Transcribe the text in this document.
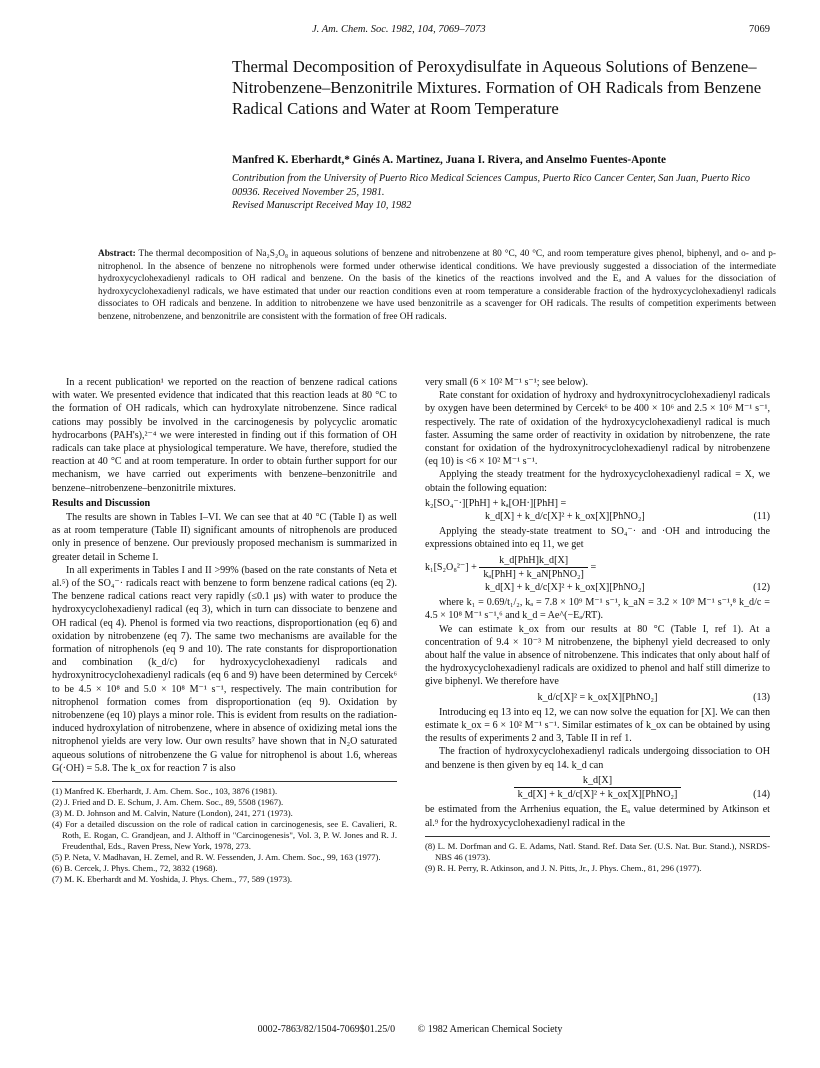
J. Am. Chem. Soc. 1982, 104, 7069–7073	7069
Thermal Decomposition of Peroxydisulfate in Aqueous Solutions of Benzene–Nitrobenzene–Benzonitrile Mixtures. Formation of OH Radicals from Benzene Radical Cations and Water at Room Temperature
Manfred K. Eberhardt,* Ginés A. Martinez, Juana I. Rivera, and Anselmo Fuentes-Aponte
Contribution from the University of Puerto Rico Medical Sciences Campus, Puerto Rico Cancer Center, San Juan, Puerto Rico 00936. Received November 25, 1981.
Revised Manuscript Received May 10, 1982
Abstract: The thermal decomposition of Na₂S₂O₈ in aqueous solutions of benzene and nitrobenzene at 80 °C, 40 °C, and room temperature gives phenol, biphenyl, and o- and p-nitrophenol. In the absence of benzene no nitrophenols were formed under otherwise identical conditions. We have previously suggested a dissociation of the intermediate hydroxycyclohexadienyl radicals to OH radical and benzene. On the basis of the kinetics of the reactions involved and the Eₐ and A values for the dissociation of hydroxycyclohexadienyl radicals, we have estimated that under our reaction conditions even at room temperature a considerable fraction of the hydroxycyclohexadienyl radicals dissociates to OH radicals and benzene. In addition to nitrobenzene we have used benzonitrile as a scavenger for OH radicals. The results of competition experiments between benzene, nitrobenzene, and benzonitrile are consistent with the formation of free OH radicals.

In a recent publication¹ we reported on the reaction of benzene radical cations with water. We presented evidence that indicated that this reaction leads at 80 °C to the formation of OH radicals, which can hydroxylate nitrobenzene. Since radical cations may possibly be involved in the carcinogenesis by polycyclic aromatic hydrocarbons (PAH's),²⁻⁴ we were interested in finding out if this formation of OH radicals can take place at physiological temperature. We have, therefore, studied the reaction at 40 °C and at room temperature. In order to obtain further support for our mechanism, we have carried out experiments with benzene–benzonitrile and benzene–nitrobenzene–benzonitrile mixtures.

Results and Discussion

The results are shown in Tables I–VI. We can see that at 40 °C (Table I) as well as at room temperature (Table II) significant amounts of nitrophenols are produced only in presence of benzene. Our previously proposed mechanism is summarized in greater detail in Scheme I.

In all experiments in Tables I and II >99% (based on the rate constants of Neta et al.⁵) of the SO₄⁻· radicals react with benzene to form benzene radical cations (eq 2). The benzene radical cations react very rapidly (≤0.1 μs) with water to produce the hydroxycyclohexadienyl radical (eq 3), which in turn can dissociate to benzene and OH radical (eq 4). Phenol is formed via two reactions, disproportionation (eq 6) and oxidation by nitrobenzene (eq 7). The same two mechanisms are available for the formation of nitrophenols (eq 9 and 10). The rate constants for disproportionation and combination (k_d/c) for hydroxycyclohexadienyl radicals and hydroxynitrocyclohexadienyl radicals (eq 6 and 9) have been determined by Cercek⁶ to be 4.5 × 10⁸ and 5.0 × 10⁸ M⁻¹ s⁻¹, respectively. The main contribution for nitrophenol formation comes from disproportionation (eq 9). Oxidation by nitrobenzene (eq 10) plays a minor role. This is evident from results on the radiation-induced hydroxylation of nitrobenzene, where in absence of oxidizing metal ions the nitrophenol yields are very low. Our own results⁷ have shown that in N₂O saturated aqueous solutions of nitrobenzene the G value for nitrophenol is about 1.6, whereas G(·OH) = 5.8. The k_ox for reaction 7 is also

(1) Manfred K. Eberhardt, J. Am. Chem. Soc., 103, 3876 (1981).
(2) J. Fried and D. E. Schum, J. Am. Chem. Soc., 89, 5508 (1967).
(3) M. D. Johnson and M. Calvin, Nature (London), 241, 271 (1973).
(4) For a detailed discussion on the role of radical cation in carcinogenesis, see E. Cavalieri, R. Roth, E. Rogan, C. Grandjean, and J. Althoff in "Carcinogenesis", Vol. 3, P. W. Jones and R. J. Freudenthal, Eds., Raven Press, New York, 1978, 273.
(5) P. Neta, V. Madhavan, H. Zemel, and R. W. Fessenden, J. Am. Chem. Soc., 99, 163 (1977).
(6) B. Cercek, J. Phys. Chem., 72, 3832 (1968).
(7) M. K. Eberhardt and M. Yoshida, J. Phys. Chem., 77, 589 (1973).

very small (6 × 10² M⁻¹ s⁻¹; see below).

Rate constant for oxidation of hydroxy and hydroxynitrocyclohexadienyl radicals by oxygen have been determined by Cercek⁶ to be 400 × 10⁶ and 2.5 × 10⁶ M⁻¹ s⁻¹, respectively. The rate of oxidation of the hydroxycyclohexadienyl radical is much faster. Assuming the same order of reactivity in oxidation by nitrobenzene, the rate constant for oxidation of the hydroxynitrocyclohexadienyl radical by nitrobenzene (eq 10) is <6 × 10² M⁻¹ s⁻¹.

Applying the steady treatment for the hydroxycyclohexadienyl radical = X, we obtain the following equation:

k₂[SO₄⁻·][PhH] + kₐ[OH·][PhH] =
k_d[X] + k_d/c[X]² + k_ox[X][PhNO₂]	(11)

Applying the steady-state treatment to SO₄⁻· and ·OH and introducing the expressions obtained into eq 11, we get

$k_1[S_2O_8^{2-}] + \frac{\text{k\_d[PhH]k\_d[X]}}{\text{kₐ[PhH] + k\_aN[PhNO₂]}}$ =
k_d[X] + k_d/c[X]² + k_ox[X][PhNO₂]	(12)

where k₁ = 0.69/t₁/₂, kₐ = 7.8 × 10⁹ M⁻¹ s⁻¹, k_aN = 3.2 × 10⁹ M⁻¹ s⁻¹,⁸ k_d/c = 4.5 × 10⁸ M⁻¹ s⁻¹,⁶ and k_d = Ae^(−Eₐ/RT).

We can estimate k_ox from our results at 80 °C (Table I, ref 1). At a concentration of 9.4 × 10⁻³ M nitrobenzene, the biphenyl yield decreased to only about half the value in absence of nitrobenzene. This indicates that only about half of the hydroxycyclohexadienyl radicals are oxidized to phenol and half still dimerize to give biphenyl. We therefore have

k_d/c[X]² = k_ox[X][PhNO₂]	(13)

Introducing eq 13 into eq 12, we can now solve the equation for [X]. We can then estimate k_ox = 6 × 10² M⁻¹ s⁻¹. Similar estimates of k_ox can be obtained by using the results of experiments 2 and 3, Table II in ref 1.

The fraction of hydroxycyclohexadienyl radicals undergoing dissociation to OH and benzene is then given by eq 14. k_d can

$\frac{k\_d[X]}{\text{k\_d[X] + k\_d/c[X]² + k\_ox[X][PhNO₂]}}$	(14)

be estimated from the Arrhenius equation, the Eₐ value determined by Atkinson et al.⁹ for the hydroxycyclohexadienyl radical in the

(8) L. M. Dorfman and G. E. Adams, Natl. Stand. Ref. Data Ser. (U.S. Nat. Bur. Stand.), NSRDS-NBS 46 (1973).
(9) R. H. Perry, R. Atkinson, and J. N. Pitts, Jr., J. Phys. Chem., 81, 296 (1977).
0002-7863/82/1504-7069$01.25/0 © 1982 American Chemical Society
